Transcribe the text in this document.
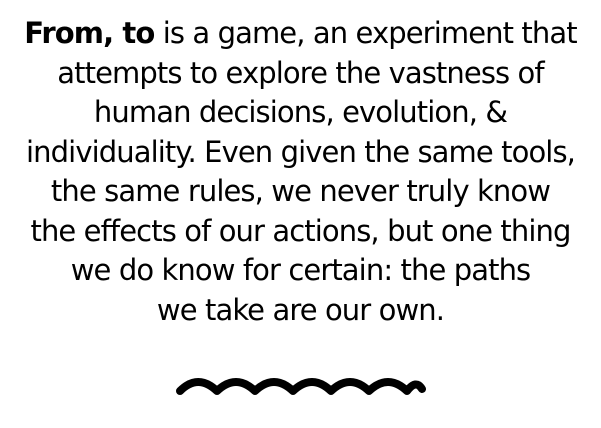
From, to is a game, an experiment that
attempts to explore the vastness of
human decisions, evolution, &
individuality. Even given the same tools,
the same rules, we never truly know
the effects of our actions, but one thing
we do know for certain: the paths
we take are our own.
